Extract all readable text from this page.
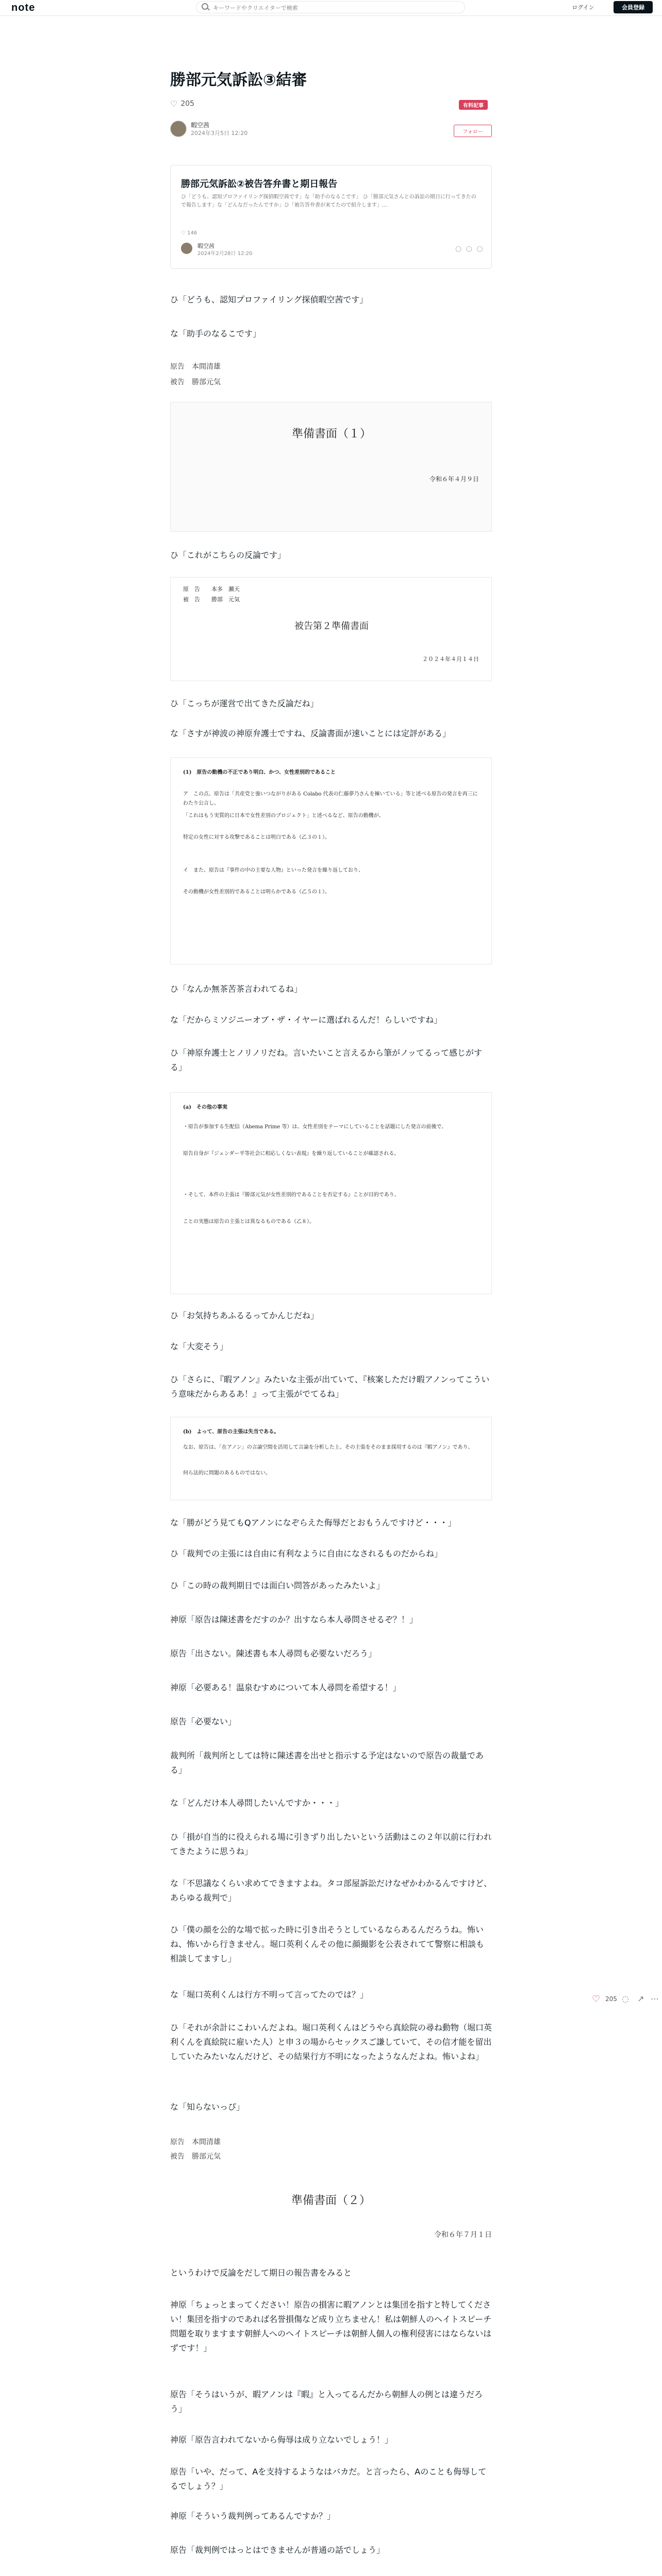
note
キーワードやクリエイターで検索	ログイン	会員登録
勝部元気訴訟③結審
♡ 205	有料記事
暇空茜
2024年3月5日 12:20	フォロー
勝部元気訴訟②被告答弁書と期日報告
ひ「どうも、認知プロファイリング探偵暇空茜です」な「助手のなるこです」 ひ「勝部元気さんとの訴訟の期日に行ってきたので報告します」な「どんなだったんですか」ひ「被告答弁書が来てたので紹介します」…
♡ 146
暇空茜
2024年2月28日 12:20
○ ○ ○
ひ「どうも、認知プロファイリング探偵暇空茜です」
な「助手のなるこです」
原告　本間清雄
被告　勝部元気
準備書面（１）
令和６年４月９日
ひ「これがこちらの反論です」
原　告　　本多　瀬天
被　告　　勝部　元気
被告第２準備書面
２０２４年４月１４日
ひ「こっちが運営で出てきた反論だね」
な「さすが神波の神原弁護士ですね、反論書面が速いことには定評がある」
(1)　原告の動機の不正であり明白、かつ、女性差別的であること
ア　この点、原告は「共産党と強いつながりがある Colabo 代表の仁藤夢乃さんを擁いている」等と述べる原告の発言を再三にわたり公言し、
「これはもう実質的に日本で女性差別のプロジェクト」と述べるなど、原告の動機が、
特定の女性に対する攻撃であることは明白である（乙３の１）。
イ　また、原告は『事件の中の主要な人物』といった発言を繰り返しており、
その動機が女性差別的であることは明らかである（乙５の１）。
ひ「なんか無茶苦茶言われてるね」
な「だからミソジニーオブ・ザ・イヤーに選ばれるんだ！らしいですね」
ひ「神原弁護士とノリノリだね。言いたいこと言えるから筆がノッてるって感じがする」
(a)　その他の事実
・原告が参加する生配信（Abema Prime 等）は、女性差別をテーマにしていることを話題にした発言の前後で、
原告自身が『ジェンダー平等社会に相応しくない表現』を繰り返していることが確認される。
・そして、本件の主張は『勝部元気が女性差別的であることを否定する』ことが目的であり、
ことの実態は原告の主張とは異なるものである（乙８）。
ひ「お気持ちあふるるってかんじだね」
な「大変そう」
ひ「さらに、『暇アノン』みたいな主張が出ていて、『核案しただけ暇アノンってこういう意味だからあるあ！』って主張がでてるね」
(b)　よって、原告の主張は失当である。
なお、原告は、「在アノン」の言論空間を活用して言論を分析した上、その主張をそのまま採用するのは『暇アノン』であり、
何ら法的に問題のあるものではない。
な「勝がどう見てもQアノンになぞらえた侮辱だとおもうんですけど・・・」
ひ「裁判での主張には自由に有利なように自由になされるものだからね」
ひ「この時の裁判期日では面白い問答があったみたいよ」
神原「原告は陳述書をだすのか？出すなら本人尋問させるぞ？！」
原告「出さない。陳述書も本人尋問も必要ないだろう」
神原「必要ある！温泉むすめについて本人尋問を希望する！」
原告「必要ない」
裁判所「裁判所としては特に陳述書を出せと指示する予定はないので原告の裁量である」
な「どんだけ本人尋問したいんですか・・・」
ひ「損が自当的に役えられる場に引きずり出したいという活動はこの２年以前に行われてきたように思うね」
な「不思議なくらい求めてできますよね。タコ部屋訴訟だけなぜかわかるんですけど、あらゆる裁判で」
ひ「僕の顔を公的な場で拡った時に引き出そうとしているならあるんだろうね。怖いね、怖いから行きません。堀口英利くんその他に顔撮影を公表されてて警察に相談も相談してますし」
な「堀口英利くんは行方不明って言ってたのでは？」
ひ「それが余計にこわいんだよね。堀口英利くんはどうやら真絵院の尋ね動物（堀口英利くんを真絵院に雇いた人）と申３の場からセックスご謙していて、その信才能を留出していたみたいなんだけど、その結果行方不明になったようなんだよね。怖いよね」
な「知らないっぴ」
原告　本間清雄
被告　勝部元気
準備書面（２）
令和６年７月１日
というわけで反論をだして期日の報告書をみると
神原「ちょっとまってください！原告の損害に暇アノンとは集団を指すと特してください！集団を指すのであれば名誉損傷など成り立ちません！私は朝鮮人のヘイトスピーチ問題を取りますます朝鮮人へのヘイトスピーチは朝鮮人個人の権利侵害にはならないはずです！」
原告「そうはいうが、暇アノンは『暇』と入ってるんだから朝鮮人の例とは違うだろう」
神原「原告言われてないから侮辱は成り立ないでしょう！」
原告「いや、だって、Aを支持するようなはバカだ。と言ったら、Aのことも侮辱してるでしょう？」
神原「そういう裁判例ってあるんですか？」
原告「裁判例ではっとはできませんが普通の話でしょう」
♡ 205 ◌ ↗ ⋯
